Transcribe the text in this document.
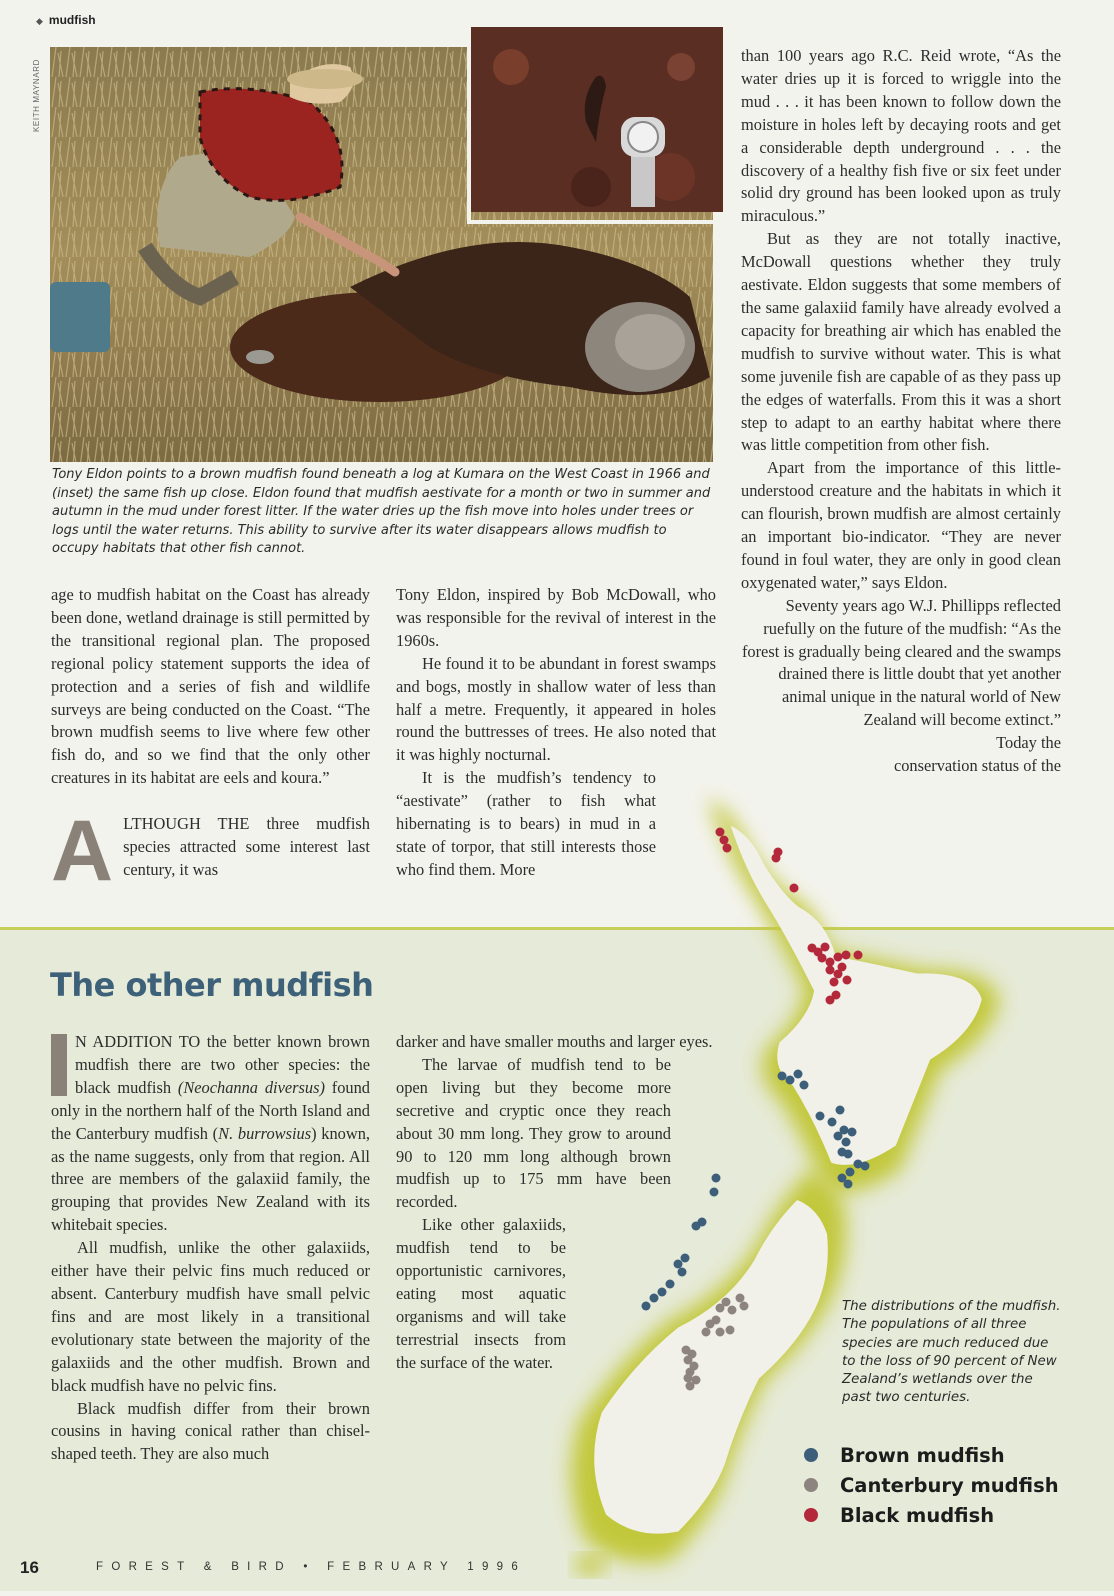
◆ mudfish
KEITH MAYNARD
Tony Eldon points to a brown mudfish found beneath a log at Kumara on the West Coast in 1966 and (inset) the same fish up close. Eldon found that mudfish aestivate for a month or two in summer and autumn in the mud under forest litter. If the water dries up the fish move into holes under trees or logs until the water returns. This ability to survive after its water disappears allows mudfish to occupy habitats that other fish cannot.

age to mudfish habitat on the Coast has already been done, wetland drainage is still permitted by the transitional regional plan. The proposed regional policy statement supports the idea of protection and a series of fish and wildlife surveys are being conducted on the Coast. “The brown mudfish seems to live where few other fish do, and so we find that the only other creatures in its habitat are eels and koura.”

ALTHOUGH THE three mudfish species attracted some interest last century, it was

Tony Eldon, inspired by Bob McDowall, who was responsible for the revival of interest in the 1960s.

He found it to be abundant in forest swamps and bogs, mostly in shallow water of less than half a metre. Frequently, it appeared in holes round the buttresses of trees. He also noted that it was highly nocturnal.

It is the mudfish’s tendency to “aestivate” (rather to fish what hibernating is to bears) in mud in a state of torpor, that still interests those who find them. More

than 100 years ago R.C. Reid wrote, “As the water dries up it is forced to wriggle into the mud . . . it has been known to follow down the moisture in holes left by decaying roots and get a considerable depth underground . . . the discovery of a healthy fish five or six feet under solid dry ground has been looked upon as truly miraculous.”

But as they are not totally inactive, McDowall questions whether they truly aestivate. Eldon suggests that some members of the same galaxiid family have already evolved a capacity for breathing air which has enabled the mudfish to survive without water. This is what some juvenile fish are capable of as they pass up the edges of waterfalls. From this it was a short step to adapt to an earthy habitat where there was little competition from other fish.

Apart from the importance of this little-understood creature and the habitats in which it can flourish, brown mudfish are almost certainly an important bio-indicator. “They are never found in foul water, they are only in good clean oxygenated water,” says Eldon.

Seventy years ago W.J. Phillipps reflected ruefully on the future of the mudfish: “As the forest is gradually being cleared and the swamps drained there is little doubt that yet another animal unique in the natural world of New Zealand will become extinct.”

Today the conservation status of the

The other mudfish

N ADDITION TO the better known brown mudfish there are two other species: the black mudfish (Neochanna diversus) found only in the northern half of the North Island and the Canterbury mudfish (N. burrowsius) known, as the name suggests, only from that region. All three are members of the galaxiid family, the grouping that provides New Zealand with its whitebait species.

All mudfish, unlike the other galaxiids, either have their pelvic fins much reduced or absent. Canterbury mudfish have small pelvic fins and are most likely in a transitional evolutionary state between the majority of the galaxiids and the other mudfish. Brown and black mudfish have no pelvic fins.

Black mudfish differ from their brown cousins in having conical rather than chisel-shaped teeth. They are also much

darker and have smaller mouths and larger eyes.

The larvae of mudfish tend to be open living but they become more secretive and cryptic once they reach about 30 mm long. They grow to around 90 to 120 mm long although brown mudfish up to 175 mm have been recorded.

Like other galaxiids, mudfish tend to be opportunistic carnivores, eating most aquatic organisms and will take terrestrial insects from the surface of the water.

The distributions of the mudfish. The populations of all three species are much reduced due to the loss of 90 percent of New Zealand’s wetlands over the past two centuries.
Brown mudfish
Canterbury mudfish
Black mudfish
16	FOREST & BIRD • FEBRUARY 1996
